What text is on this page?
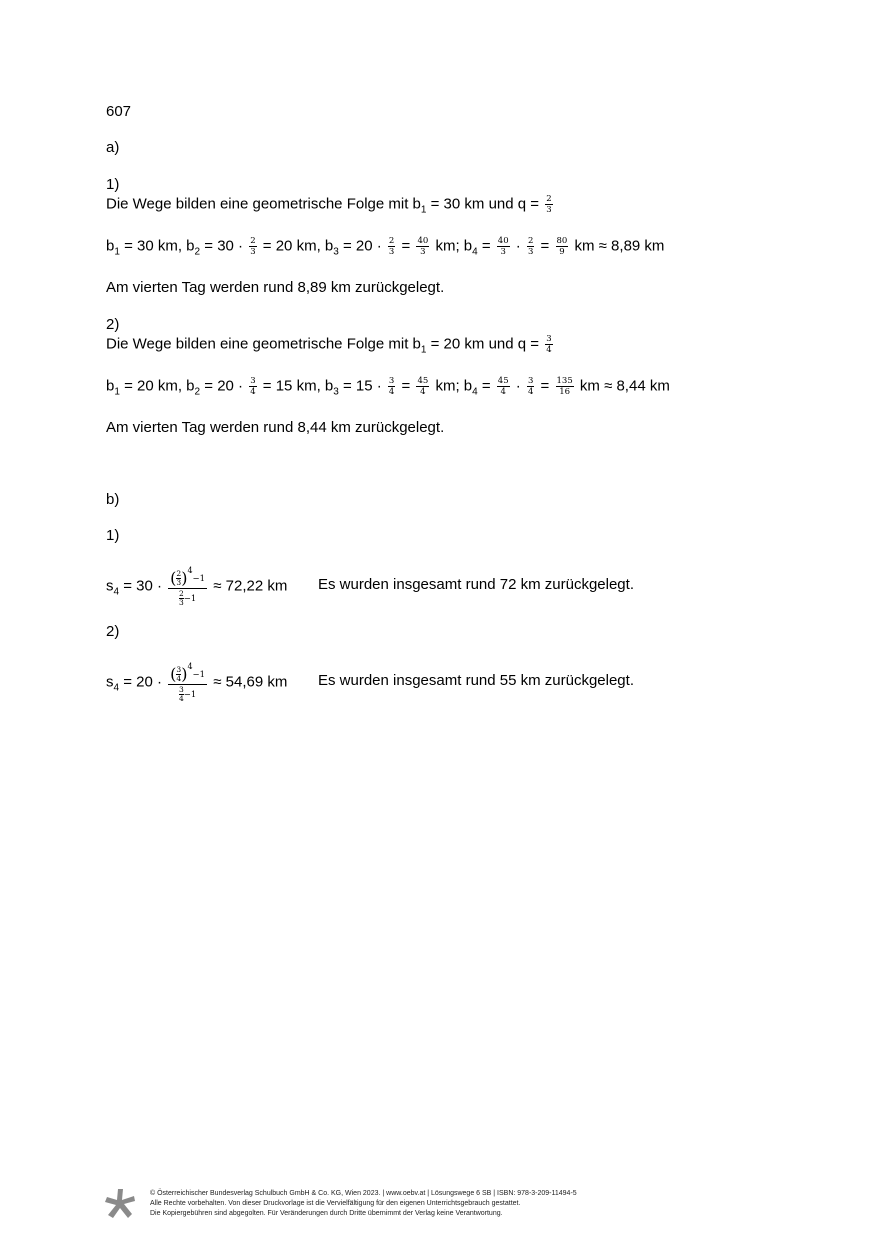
607
a)
1)
Die Wege bilden eine geometrische Folge mit $b_1 = 30$ km und $q = \frac{2}{3}$
$b_1 = 30$ km, $b_2 = 30 \cdot \frac{2}{3} = 20$ km, $b_3 = 20 \cdot \frac{2}{3} = \frac{40}{3}$ km; $b_4 = \frac{40}{3} \cdot \frac{2}{3} = \frac{80}{9}$ km ≈ 8,89 km
Am vierten Tag werden rund 8,89 km zurückgelegt.
2)
Die Wege bilden eine geometrische Folge mit $b_1 = 20$ km und $q = \frac{3}{4}$
$b_1 = 20$ km, $b_2 = 20 \cdot \frac{3}{4} = 15$ km, $b_3 = 15 \cdot \frac{3}{4} = \frac{45}{4}$ km; $b_4 = \frac{45}{4} \cdot \frac{3}{4} = \frac{135}{16}$ km ≈ 8,44 km
Am vierten Tag werden rund 8,44 km zurückgelegt.
b)
1)
$s_4 = 30 \cdot \frac{( \frac{2}{3} )4-1}{\frac{2}{3} -1} \approx 72,22$ km Es wurden insgesamt rund 72 km zurückgelegt.
2)
$s_4 = 20 \cdot \frac{( \frac{3}{4} )4-1}{\frac{3}{4} -1} \approx 54,69$ km Es wurden insgesamt rund 55 km zurückgelegt.
© Österreichischer Bundesverlag Schulbuch GmbH & Co. KG, Wien 2023. | www.oebv.at | Lösungswege 6 SB | ISBN: 978-3-209-11494-5
Alle Rechte vorbehalten. Von dieser Druckvorlage ist die Vervielfältigung für den eigenen Unterrichtsgebrauch gestattet.
Die Kopiergebühren sind abgegolten. Für Veränderungen durch Dritte übernimmt der Verlag keine Verantwortung.
